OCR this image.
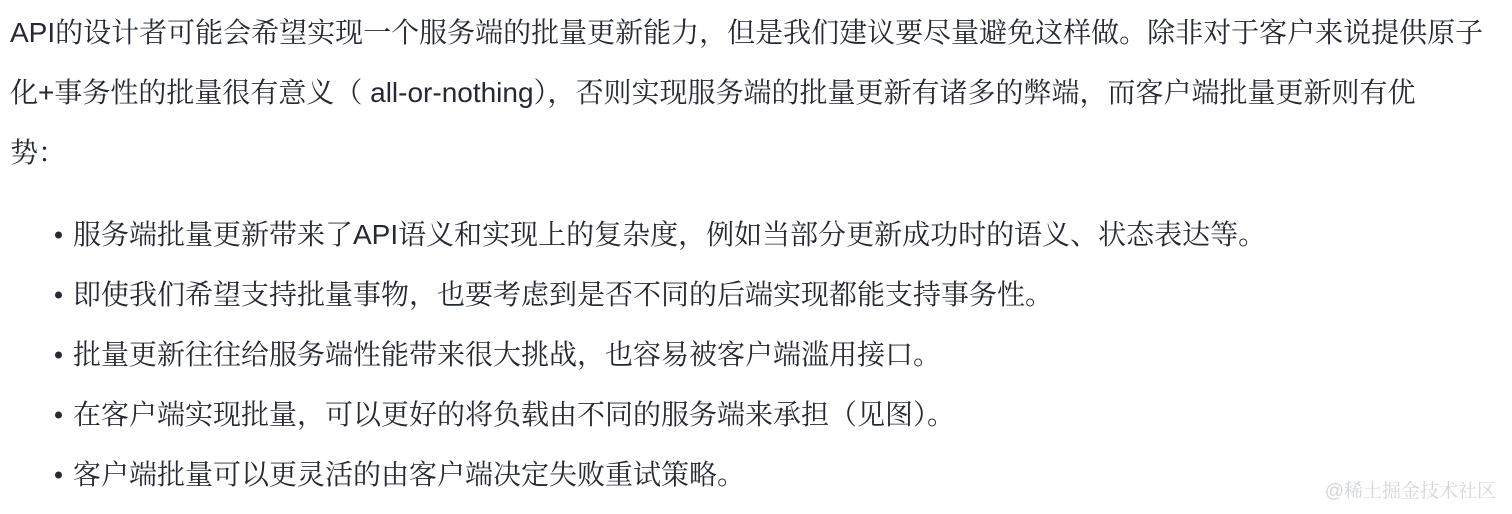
API的设计者可能会希望实现一个服务端的批量更新能力，但是我们建议要尽量避免这样做。除非对于客户来说提供原子
化+事务性的批量很有意义（ all-or-nothing），否则实现服务端的批量更新有诸多的弊端，而客户端批量更新则有优
势：

服务端批量更新带来了API语义和实现上的复杂度，例如当部分更新成功时的语义、状态表达等。
即使我们希望支持批量事物，也要考虑到是否不同的后端实现都能支持事务性。
批量更新往往给服务端性能带来很大挑战，也容易被客户端滥用接口。
在客户端实现批量，可以更好的将负载由不同的服务端来承担（见图）。
客户端批量可以更灵活的由客户端决定失败重试策略。
@稀土掘金技术社区
